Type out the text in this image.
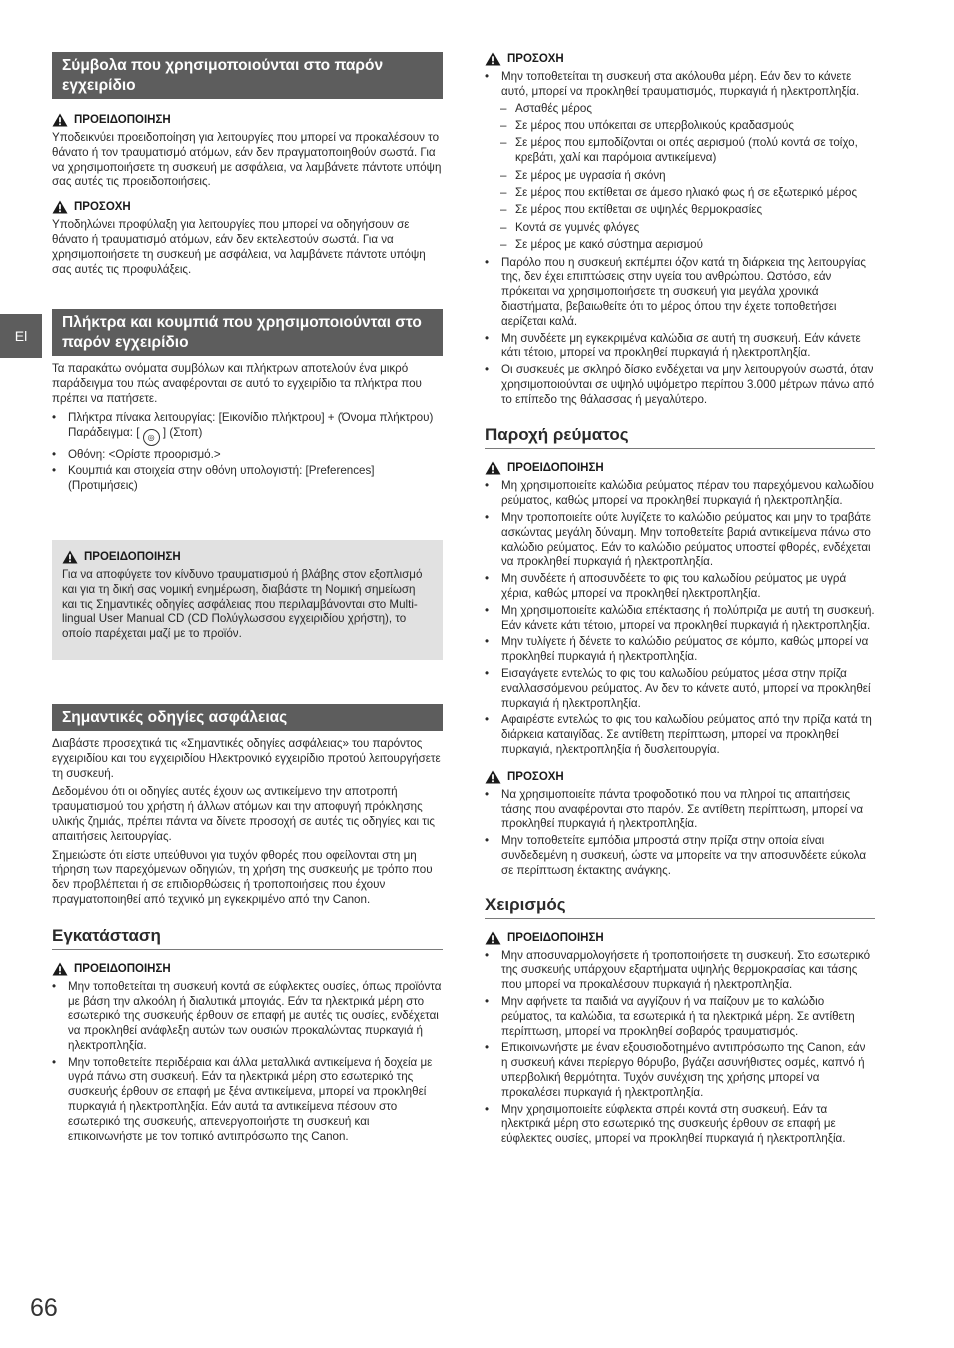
El
Σύμβολα που χρησιμοποιούνται στο παρόν εγχειρίδιο
ΠΡΟΕΙΔΟΠΟΙΗΣΗ

Υποδεικνύει προειδοποίηση για λειτουργίες που μπορεί να προκαλέσουν το θάνατο ή τον τραυματισμό ατόμων, εάν δεν πραγματοποιηθούν σωστά. Για να χρησιμοποιήσετε τη συσκευή με ασφάλεια, να λαμβάνετε πάντοτε υπόψη σας αυτές τις προειδοποιήσεις.

ΠΡΟΣΟΧΗ

Υποδηλώνει προφύλαξη για λειτουργίες που μπορεί να οδηγήσουν σε θάνατο ή τραυματισμό ατόμων, εάν δεν εκτελεστούν σωστά. Για να χρησιμοποιήσετε τη συσκευή με ασφάλεια, να λαμβάνετε πάντοτε υπόψη σας αυτές τις προφυλάξεις.

Πλήκτρα και κουμπιά που χρησιμοποιούνται στο παρόν εγχειρίδιο

Τα παρακάτω ονόματα συμβόλων και πλήκτρων αποτελούν ένα μικρό παράδειγμα του πώς αναφέρονται σε αυτό το εγχειρίδιο τα πλήκτρα που πρέπει να πατήσετε.

• Πλήκτρα πίνακα λειτουργίας: [Εικονίδιο πλήκτρου] + (Όνομα πλήκτρου)
Παράδειγμα: [ ◎ ] (Στοπ)
• Οθόνη: <Ορίστε προορισμό.>
• Κουμπιά και στοιχεία στην οθόνη υπολογιστή: [Preferences] (Προτιμήσεις)
ΠΡΟΕΙΔΟΠΟΙΗΣΗ

Για να αποφύγετε τον κίνδυνο τραυματισμού ή βλάβης στον εξοπλισμό και για τη δική σας νομική ενημέρωση, διαβάστε τη Νομική σημείωση και τις Σημαντικές οδηγίες ασφάλειας που περιλαμβάνονται στο Multi-lingual User Manual CD (CD Πολύγλωσσου εγχειριδίου χρήστη), το οποίο παρέχεται μαζί με το προϊόν.

Σημαντικές οδηγίες ασφάλειας

Διαβάστε προσεχτικά τις «Σημαντικές οδηγίες ασφάλειας» του παρόντος εγχειριδίου και του εγχειριδίου Ηλεκτρονικό εγχειρίδιο προτού λειτουργήσετε τη συσκευή.

Δεδομένου ότι οι οδηγίες αυτές έχουν ως αντικείμενο την αποτροπή τραυματισμού του χρήστη ή άλλων ατόμων και την αποφυγή πρόκλησης υλικής ζημιάς, πρέπει πάντα να δίνετε προσοχή σε αυτές τις οδηγίες και τις απαιτήσεις λειτουργίας.

Σημειώστε ότι είστε υπεύθυνοι για τυχόν φθορές που οφείλονται στη μη τήρηση των παρεχόμενων οδηγιών, τη χρήση της συσκευής με τρόπο που δεν προβλέπεται ή σε επιδιορθώσεις ή τροποποιήσεις που έχουν πραγματοποιηθεί από τεχνικό μη εγκεκριμένο από την Canon.

Εγκατάσταση
ΠΡΟΕΙΔΟΠΟΙΗΣΗ
• Μην τοποθετείται τη συσκευή κοντά σε εύφλεκτες ουσίες, όπως προϊόντα με βάση την αλκοόλη ή διαλυτικά μπογιάς. Εάν τα ηλεκτρικά μέρη στο εσωτερικό της συσκευής έρθουν σε επαφή με αυτές τις ουσίες, ενδέχεται να προκληθεί ανάφλεξη αυτών των ουσιών προκαλώντας πυρκαγιά ή ηλεκτροπληξία.
• Μην τοποθετείτε περιδέραια και άλλα μεταλλικά αντικείμενα ή δοχεία με υγρά πάνω στη συσκευή. Εάν τα ηλεκτρικά μέρη στο εσωτερικό της συσκευής έρθουν σε επαφή με ξένα αντικείμενα, μπορεί να προκληθεί πυρκαγιά ή ηλεκτροπληξία. Εάν αυτά τα αντικείμενα πέσουν στο εσωτερικό της συσκευής, απενεργοποιήστε τη συσκευή και επικοινωνήστε με τον τοπικό αντιπρόσωπο της Canon.
ΠΡΟΣΟΧΗ
• Μην τοποθετείται τη συσκευή στα ακόλουθα μέρη. Εάν δεν το κάνετε αυτό, μπορεί να προκληθεί τραυματισμός, πυρκαγιά ή ηλεκτροπληξία.
– Ασταθές μέρος
– Σε μέρος που υπόκειται σε υπερβολικούς κραδασμούς
– Σε μέρος που εμποδίζονται οι οπές αερισμού (πολύ κοντά σε τοίχο, κρεβάτι, χαλί και παρόμοια αντικείμενα)
– Σε μέρος με υγρασία ή σκόνη
– Σε μέρος που εκτίθεται σε άμεσο ηλιακό φως ή σε εξωτερικό μέρος
– Σε μέρος που εκτίθεται σε υψηλές θερμοκρασίες
– Κοντά σε γυμνές φλόγες
– Σε μέρος με κακό σύστημα αερισμού
• Παρόλο που η συσκευή εκπέμπει όζον κατά τη διάρκεια της λειτουργίας της, δεν έχει επιπτώσεις στην υγεία του ανθρώπου. Ωστόσο, εάν πρόκειται να χρησιμοποιήσετε τη συσκευή για μεγάλα χρονικά διαστήματα, βεβαιωθείτε ότι το μέρος όπου την έχετε τοποθετήσει αερίζεται καλά.
• Μη συνδέετε μη εγκεκριμένα καλώδια σε αυτή τη συσκευή. Εάν κάνετε κάτι τέτοιο, μπορεί να προκληθεί πυρκαγιά ή ηλεκτροπληξία.
• Οι συσκευές με σκληρό δίσκο ενδέχεται να μην λειτουργούν σωστά, όταν χρησιμοποιούνται σε υψηλό υψόμετρο περίπου 3.000 μέτρων πάνω από το επίπεδο της θάλασσας ή μεγαλύτερο.
Παροχή ρεύματος
ΠΡΟΕΙΔΟΠΟΙΗΣΗ
• Μη χρησιμοποιείτε καλώδια ρεύματος πέραν του παρεχόμενου καλωδίου ρεύματος, καθώς μπορεί να προκληθεί πυρκαγιά ή ηλεκτροπληξία.
• Μην τροποποιείτε ούτε λυγίζετε το καλώδιο ρεύματος και μην το τραβάτε ασκώντας μεγάλη δύναμη. Μην τοποθετείτε βαριά αντικείμενα πάνω στο καλώδιο ρεύματος. Εάν το καλώδιο ρεύματος υποστεί φθορές, ενδέχεται να προκληθεί πυρκαγιά ή ηλεκτροπληξία.
• Μη συνδέετε ή αποσυνδέετε το φις του καλωδίου ρεύματος με υγρά χέρια, καθώς μπορεί να προκληθεί ηλεκτροπληξία.
• Μη χρησιμοποιείτε καλώδια επέκτασης ή πολύπριζα με αυτή τη συσκευή. Εάν κάνετε κάτι τέτοιο, μπορεί να προκληθεί πυρκαγιά ή ηλεκτροπληξία.
• Μην τυλίγετε ή δένετε το καλώδιο ρεύματος σε κόμπο, καθώς μπορεί να προκληθεί πυρκαγιά ή ηλεκτροπληξία.
• Εισαγάγετε εντελώς το φις του καλωδίου ρεύματος μέσα στην πρίζα εναλλασσόμενου ρεύματος. Αν δεν το κάνετε αυτό, μπορεί να προκληθεί πυρκαγιά ή ηλεκτροπληξία.
• Αφαιρέστε εντελώς το φις του καλωδίου ρεύματος από την πρίζα κατά τη διάρκεια καταιγίδας. Σε αντίθετη περίπτωση, μπορεί να προκληθεί πυρκαγιά, ηλεκτροπληξία ή δυσλειτουργία.
ΠΡΟΣΟΧΗ
• Να χρησιμοποιείτε πάντα τροφοδοτικό που να πληροί τις απαιτήσεις τάσης που αναφέρονται στο παρόν. Σε αντίθετη περίπτωση, μπορεί να προκληθεί πυρκαγιά ή ηλεκτροπληξία.
• Μην τοποθετείτε εμπόδια μπροστά στην πρίζα στην οποία είναι συνδεδεμένη η συσκευή, ώστε να μπορείτε να την αποσυνδέετε εύκολα σε περίπτωση έκτακτης ανάγκης.
Χειρισμός
ΠΡΟΕΙΔΟΠΟΙΗΣΗ
• Μην αποσυναρμολογήσετε ή τροποποιήσετε τη συσκευή. Στο εσωτερικό της συσκευής υπάρχουν εξαρτήματα υψηλής θερμοκρασίας και τάσης που μπορεί να προκαλέσουν πυρκαγιά ή ηλεκτροπληξία.
• Μην αφήνετε τα παιδιά να αγγίζουν ή να παίζουν με το καλώδιο ρεύματος, τα καλώδια, τα εσωτερικά ή τα ηλεκτρικά μέρη. Σε αντίθετη περίπτωση, μπορεί να προκληθεί σοβαρός τραυματισμός.
• Επικοινωνήστε με έναν εξουσιοδοτημένο αντιπρόσωπο της Canon, εάν η συσκευή κάνει περίεργο θόρυβο, βγάζει ασυνήθιστες οσμές, καπνό ή υπερβολική θερμότητα. Τυχόν συνέχιση της χρήσης μπορεί να προκαλέσει πυρκαγιά ή ηλεκτροπληξία.
• Μην χρησιμοποιείτε εύφλεκτα σπρέι κοντά στη συσκευή. Εάν τα ηλεκτρικά μέρη στο εσωτερικό της συσκευής έρθουν σε επαφή με εύφλεκτες ουσίες, μπορεί να προκληθεί πυρκαγιά ή ηλεκτροπληξία.
66
